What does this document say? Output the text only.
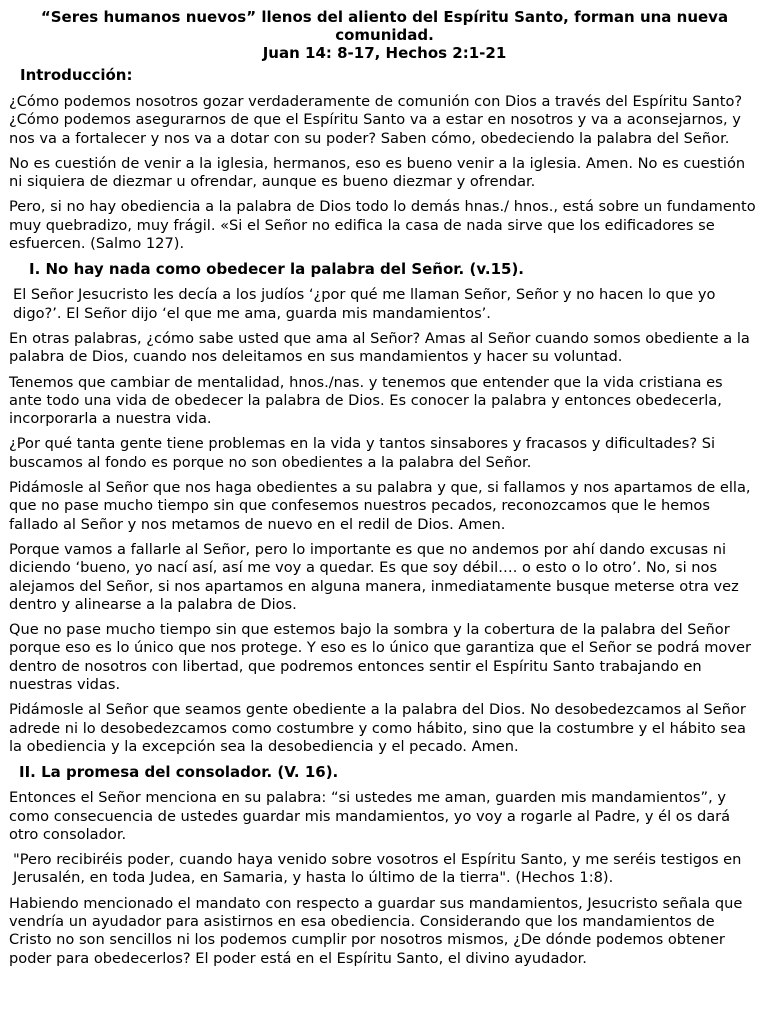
“Seres humanos nuevos” llenos del aliento del Espíritu Santo, forman una nueva comunidad.
Juan 14: 8-17, Hechos 2:1-21
Introducción:

¿Cómo podemos nosotros gozar verdaderamente de comunión con Dios a través del Espíritu Santo? ¿Cómo podemos asegurarnos de que el Espíritu Santo va a estar en nosotros y va a aconsejarnos, y nos va a fortalecer y nos va a dotar con su poder? Saben cómo, obedeciendo la palabra del Señor.

No es cuestión de venir a la iglesia, hermanos, eso es bueno venir a la iglesia. Amen. No es cuestión ni siquiera de diezmar u ofrendar, aunque es bueno diezmar y ofrendar.

Pero, si no hay obediencia a la palabra de Dios todo lo demás hnas./ hnos., está sobre un fundamento muy quebradizo, muy frágil. «Si el Señor no edifica la casa de nada sirve que los edificadores se esfuercen. (Salmo 127).

I. No hay nada como obedecer la palabra del Señor. (v.15).

El Señor Jesucristo les decía a los judíos ‘¿por qué me llaman Señor, Señor y no hacen lo que yo digo?’. El Señor dijo ‘el que me ama, guarda mis mandamientos’.

En otras palabras, ¿cómo sabe usted que ama al Señor? Amas al Señor cuando somos obediente a la palabra de Dios, cuando nos deleitamos en sus mandamientos y hacer su voluntad.

Tenemos que cambiar de mentalidad, hnos./nas. y tenemos que entender que la vida cristiana es ante todo una vida de obedecer la palabra de Dios. Es conocer la palabra y entonces obedecerla, incorporarla a nuestra vida.

¿Por qué tanta gente tiene problemas en la vida y tantos sinsabores y fracasos y dificultades? Si buscamos al fondo es porque no son obedientes a la palabra del Señor.

Pidámosle al Señor que nos haga obedientes a su palabra y que, si fallamos y nos apartamos de ella, que no pase mucho tiempo sin que confesemos nuestros pecados, reconozcamos que le hemos fallado al Señor y nos metamos de nuevo en el redil de Dios. Amen.

Porque vamos a fallarle al Señor, pero lo importante es que no andemos por ahí dando excusas ni diciendo ‘bueno, yo nací así, así me voy a quedar. Es que soy débil…. o esto o lo otro’. No, si nos alejamos del Señor, si nos apartamos en alguna manera, inmediatamente busque meterse otra vez dentro y alinearse a la palabra de Dios.

Que no pase mucho tiempo sin que estemos bajo la sombra y la cobertura de la palabra del Señor porque eso es lo único que nos protege. Y eso es lo único que garantiza que el Señor se podrá mover dentro de nosotros con libertad, que podremos entonces sentir el Espíritu Santo trabajando en nuestras vidas.

Pidámosle al Señor que seamos gente obediente a la palabra del Dios. No desobedezcamos al Señor adrede ni lo desobedezcamos como costumbre y como hábito, sino que la costumbre y el hábito sea la obediencia y la excepción sea la desobediencia y el pecado. Amen.

II. La promesa del consolador. (V. 16).

Entonces el Señor menciona en su palabra: “si ustedes me aman, guarden mis mandamientos”, y como consecuencia de ustedes guardar mis mandamientos, yo voy a rogarle al Padre, y él os dará otro consolador.

"Pero recibiréis poder, cuando haya venido sobre vosotros el Espíritu Santo, y me seréis testigos en Jerusalén, en toda Judea, en Samaria, y hasta lo último de la tierra". (Hechos 1:8).

Habiendo mencionado el mandato con respecto a guardar sus mandamientos, Jesucristo señala que vendría un ayudador para asistirnos en esa obediencia. Considerando que los mandamientos de Cristo no son sencillos ni los podemos cumplir por nosotros mismos, ¿De dónde podemos obtener poder para obedecerlos? El poder está en el Espíritu Santo, el divino ayudador.
